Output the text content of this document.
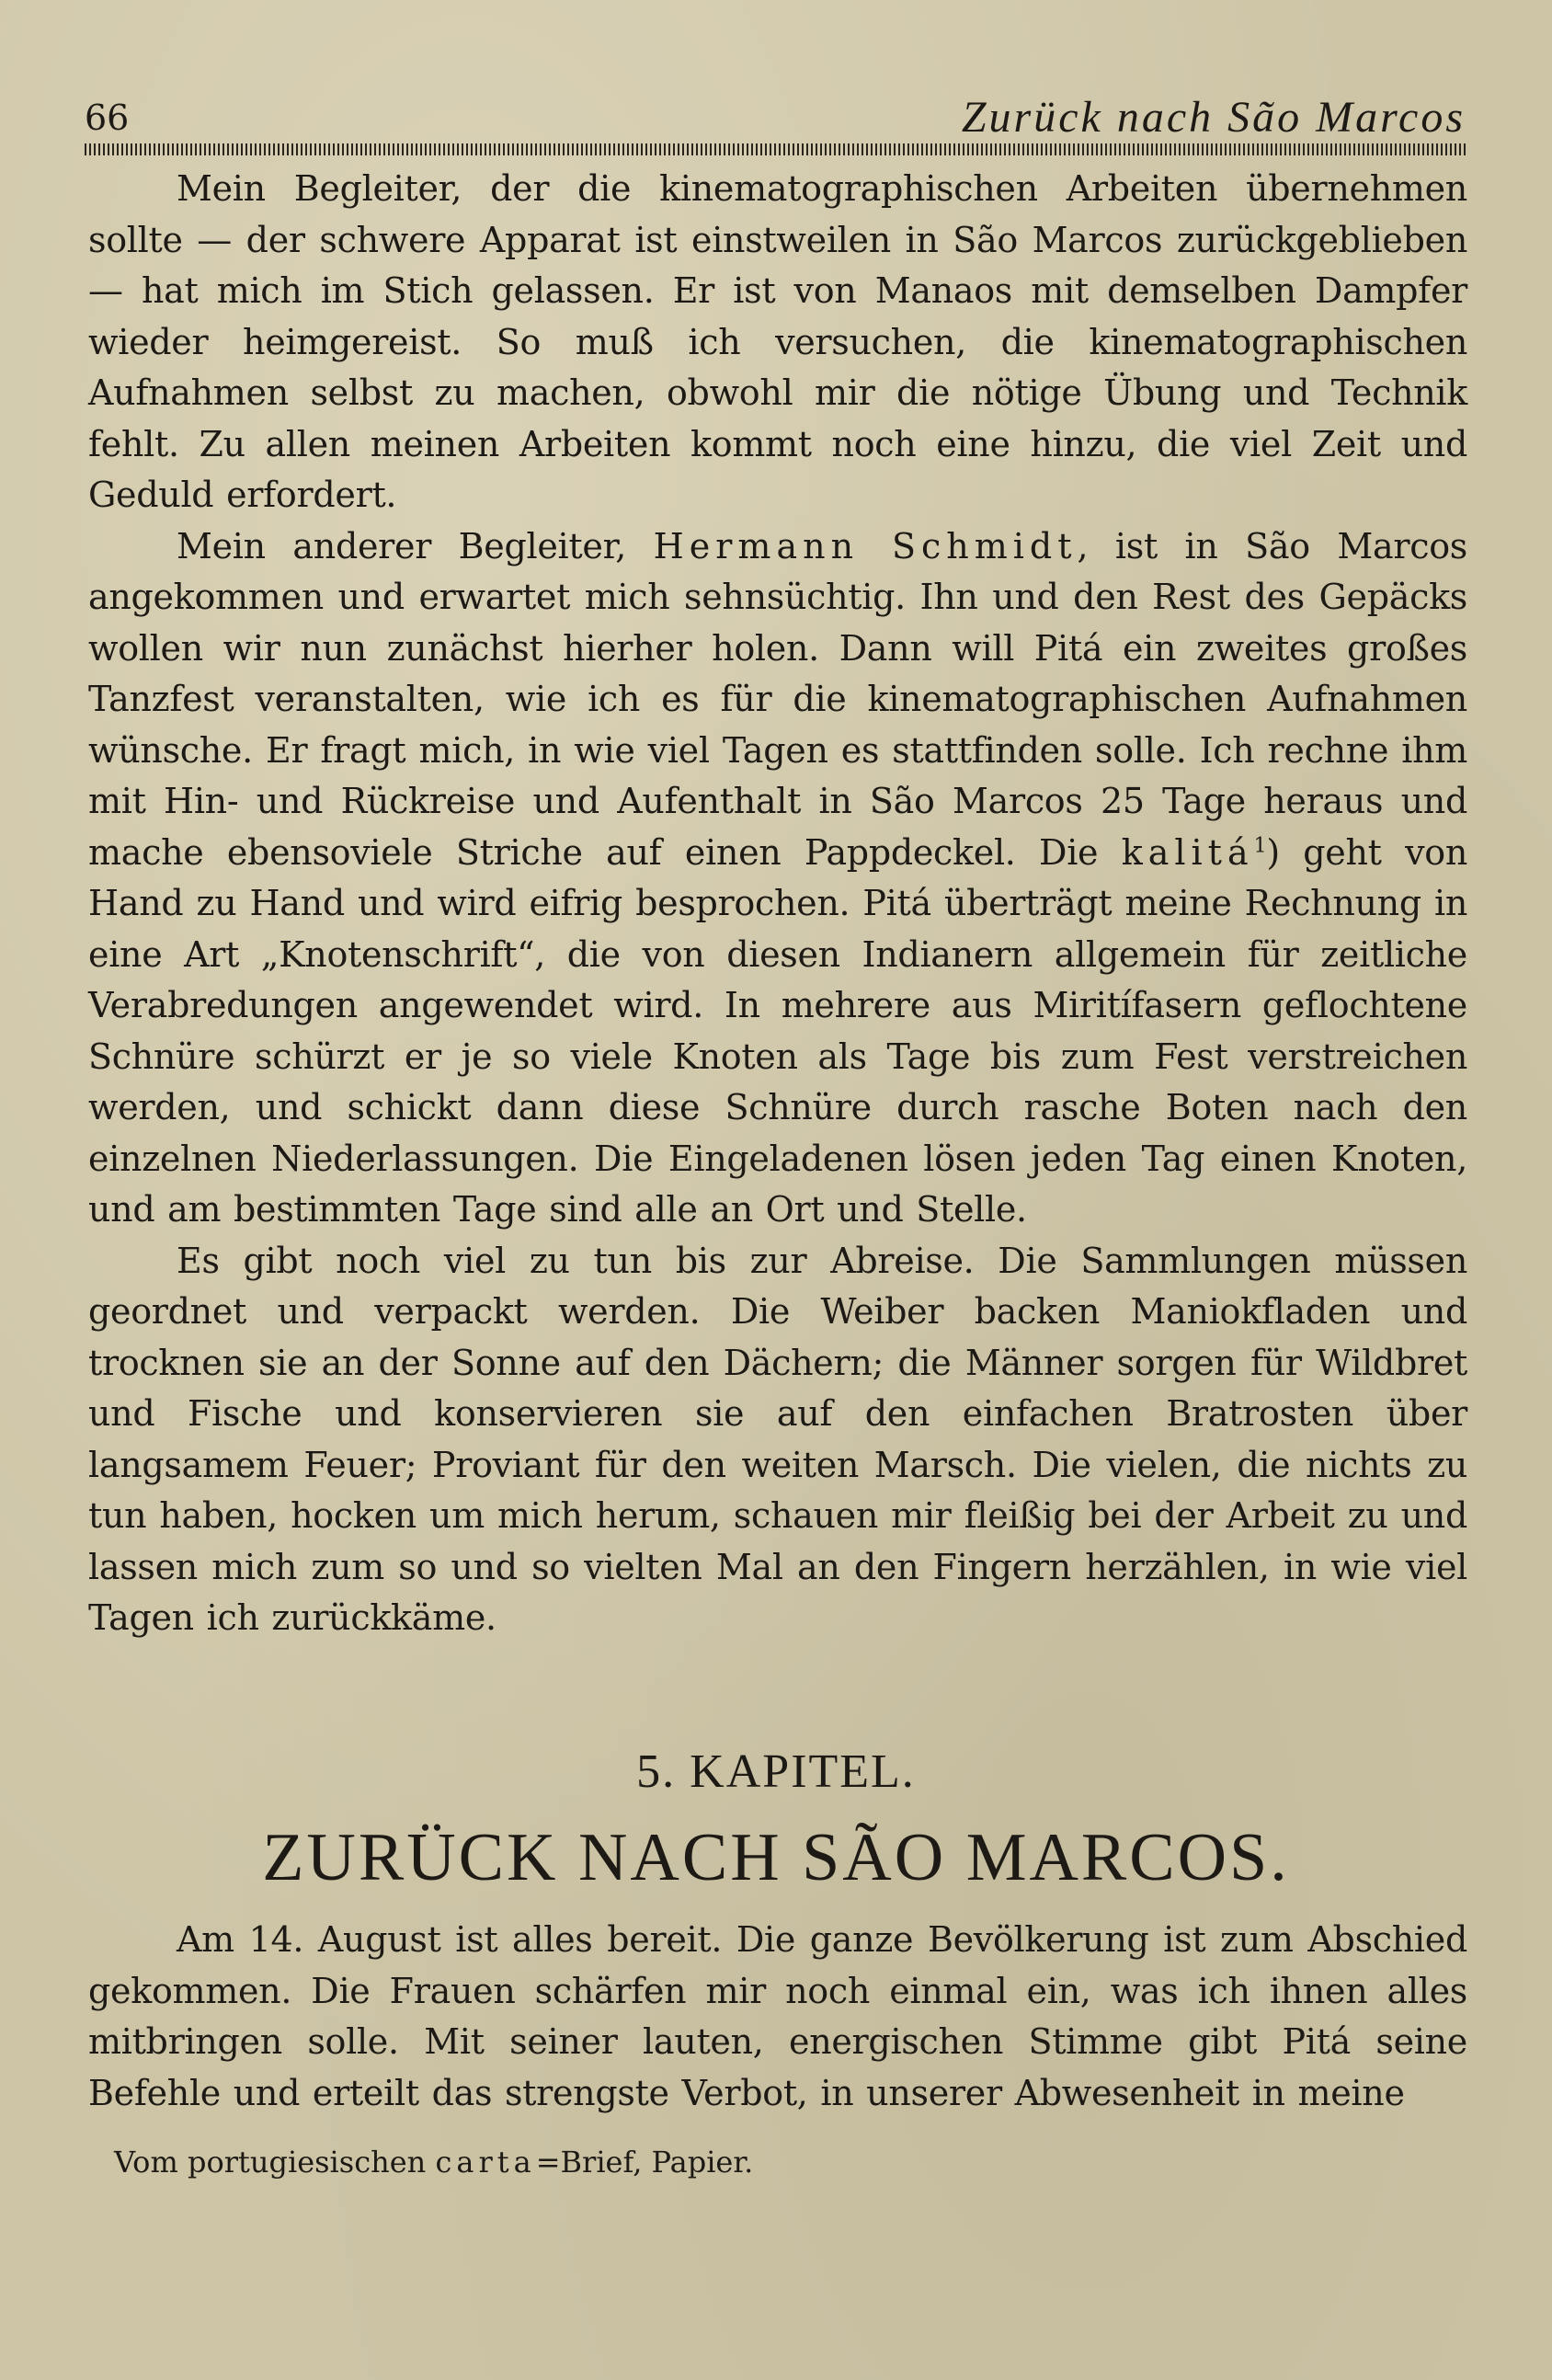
66	Zurück nach São Marcos

Mein Begleiter, der die kinematographischen Arbeiten übernehmen sollte — der schwere Apparat ist einstweilen in São Marcos zurückgeblieben — hat mich im Stich gelassen. Er ist von Manaos mit demselben Dampfer wieder heimgereist. So muß ich versuchen, die kinematographischen Aufnahmen selbst zu machen, obwohl mir die nötige Übung und Technik fehlt. Zu allen meinen Arbeiten kommt noch eine hinzu, die viel Zeit und Geduld erfordert.

Mein anderer Begleiter, Hermann Schmidt, ist in São Marcos angekommen und erwartet mich sehnsüchtig. Ihn und den Rest des Gepäcks wollen wir nun zunächst hierher holen. Dann will Pitá ein zweites großes Tanzfest veranstalten, wie ich es für die kinematographischen Aufnahmen wünsche. Er fragt mich, in wie viel Tagen es stattfinden solle. Ich rechne ihm mit Hin- und Rückreise und Aufenthalt in São Marcos 25 Tage heraus und mache ebensoviele Striche auf einen Pappdeckel. Die kalitá$^1$) geht von Hand zu Hand und wird eifrig besprochen. Pitá überträgt meine Rechnung in eine Art „Knotenschrift“, die von diesen Indianern allgemein für zeitliche Verabredungen angewendet wird. In mehrere aus Miritífasern geflochtene Schnüre schürzt er je so viele Knoten als Tage bis zum Fest verstreichen werden, und schickt dann diese Schnüre durch rasche Boten nach den einzelnen Niederlassungen. Die Eingeladenen lösen jeden Tag einen Knoten, und am bestimmten Tage sind alle an Ort und Stelle.

Es gibt noch viel zu tun bis zur Abreise. Die Sammlungen müssen geordnet und verpackt werden. Die Weiber backen Maniokfladen und trocknen sie an der Sonne auf den Dächern; die Männer sorgen für Wildbret und Fische und konservieren sie auf den einfachen Bratrosten über langsamem Feuer; Proviant für den weiten Marsch. Die vielen, die nichts zu tun haben, hocken um mich herum, schauen mir fleißig bei der Arbeit zu und lassen mich zum so und so vielten Mal an den Fingern herzählen, in wie viel Tagen ich zurückkäme.

5. KAPITEL.
ZURÜCK NACH SÃO MARCOS.

Am 14. August ist alles bereit. Die ganze Bevölkerung ist zum Abschied gekommen. Die Frauen schärfen mir noch einmal ein, was ich ihnen alles mitbringen solle. Mit seiner lauten, energischen Stimme gibt Pitá seine Befehle und erteilt das strengste Verbot, in unserer Abwesenheit in meine

Vom portugiesischen carta=Brief, Papier.
